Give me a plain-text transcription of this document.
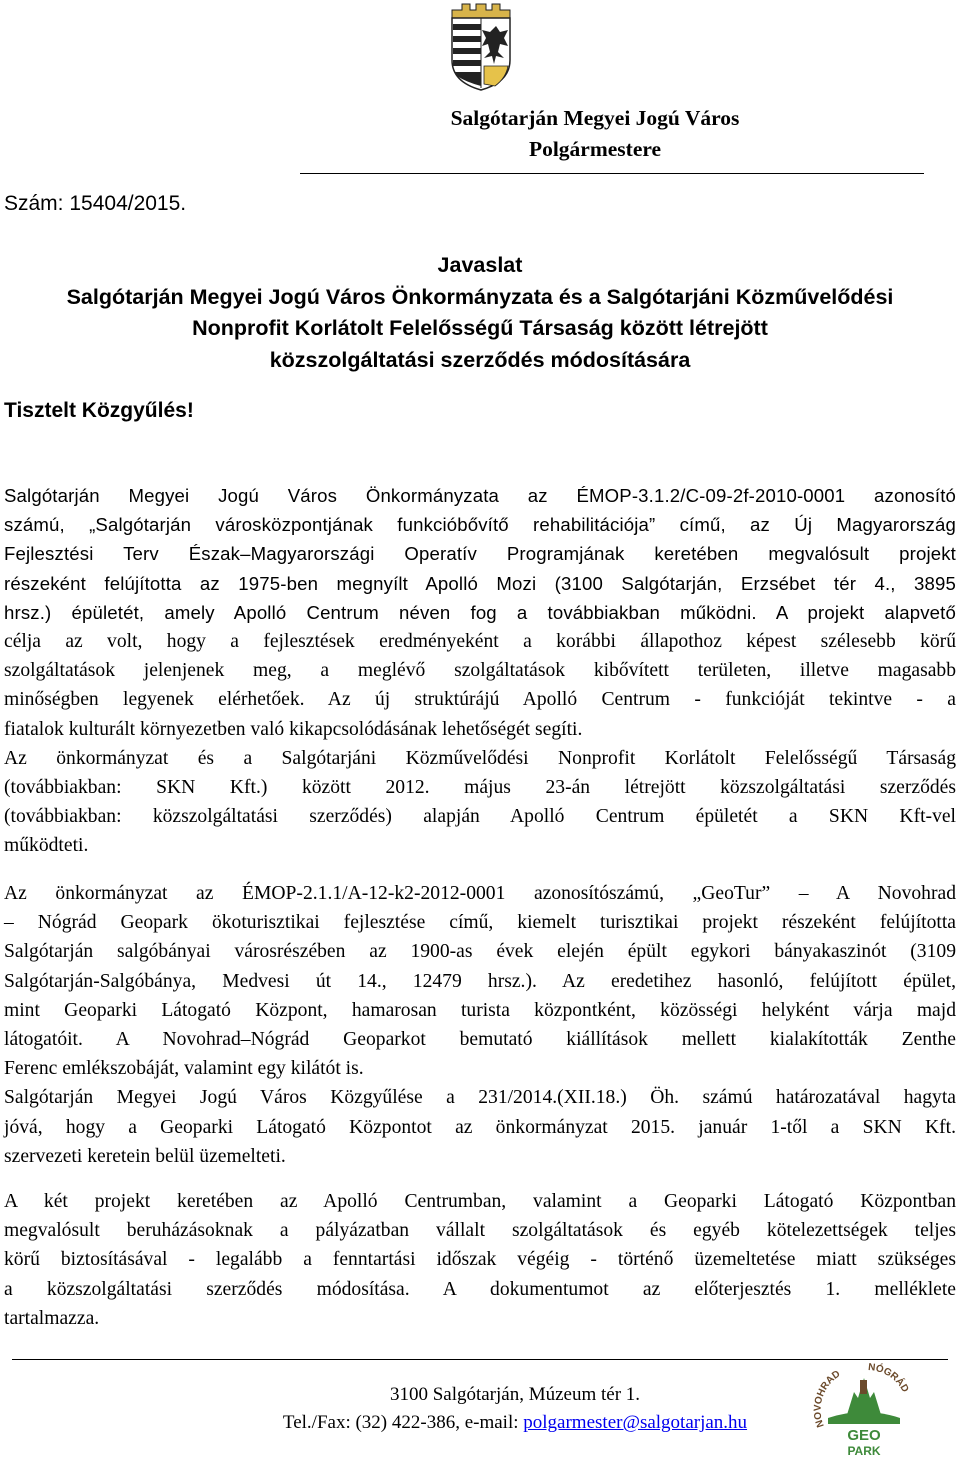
Salgótarján Megyei Jogú Város
Polgármestere
Szám: 15404/2015.
Javaslat
Salgótarján Megyei Jogú Város Önkormányzata és a Salgótarjáni Közművelődési
Nonprofit Korlátolt Felelősségű Társaság között létrejött
közszolgáltatási szerződés módosítására
Tisztelt Közgyűlés!
Salgótarján Megyei Jogú Város Önkormányzata az ÉMOP-3.1.2/C-09-2f-2010-0001 azonosító
számú, „Salgótarján városközpontjának funkcióbővítő rehabilitációja” című, az Új Magyarország
Fejlesztési Terv Észak–Magyarországi Operatív Programjának keretében megvalósult projekt
részeként felújította az 1975-ben megnyílt Apolló Mozi (3100 Salgótarján, Erzsébet tér 4., 3895
hrsz.) épületét, amely Apolló Centrum néven fog a továbbiakban működni. A projekt alapvető
célja az volt, hogy a fejlesztések eredményeként a korábbi állapothoz képest szélesebb körű
szolgáltatások jelenjenek meg, a meglévő szolgáltatások kibővített területen, illetve magasabb
minőségben legyenek elérhetőek. Az új struktúrájú Apolló Centrum - funkcióját tekintve - a
fiatalok kulturált környezetben való kikapcsolódásának lehetőségét segíti.
Az önkormányzat és a Salgótarjáni Közművelődési Nonprofit Korlátolt Felelősségű Társaság
(továbbiakban: SKN Kft.) között 2012. május 23-án létrejött közszolgáltatási szerződés
(továbbiakban: közszolgáltatási szerződés) alapján Apolló Centrum épületét a SKN Kft-vel
működteti.
Az önkormányzat az ÉMOP-2.1.1/A-12-k2-2012-0001 azonosítószámú, „GeoTur” – A Novohrad
– Nógrád Geopark ökoturisztikai fejlesztése című, kiemelt turisztikai projekt részeként felújította
Salgótarján salgóbányai városrészében az 1900-as évek elején épült egykori bányakaszinót (3109
Salgótarján-Salgóbánya, Medvesi út 14., 12479 hrsz.). Az eredetihez hasonló, felújított épület,
mint Geoparki Látogató Központ, hamarosan turista központként, közösségi helyként várja majd
látogatóit. A Novohrad–Nógrád Geoparkot bemutató kiállítások mellett kialakították Zenthe
Ferenc emlékszobáját, valamint egy kilátót is.
Salgótarján Megyei Jogú Város Közgyűlése a 231/2014.(XII.18.) Öh. számú határozatával hagyta
jóvá, hogy a Geoparki Látogató Központot az önkormányzat 2015. január 1-től a SKN Kft.
szervezeti keretein belül üzemelteti.
A két projekt keretében az Apolló Centrumban, valamint a Geoparki Látogató Központban
megvalósult beruházásoknak a pályázatban vállalt szolgáltatások és egyéb kötelezettségek teljes
körű biztosításával - legalább a fenntartási időszak végéig - történő üzemeltetése miatt szükséges
a közszolgáltatási szerződés módosítása. A dokumentumot az előterjesztés 1. melléklete
tartalmazza.
3100 Salgótarján, Múzeum tér 1.
Tel./Fax: (32) 422-386, e-mail: polgarmester@salgotarjan.hu	NOVOHRAD
NÓGRÁD
GEO
PARK
